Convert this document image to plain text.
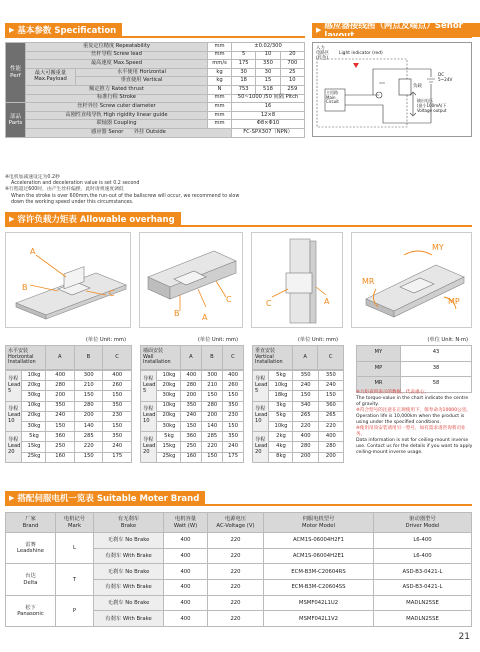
▶ 基本参数 Specification	▶ 感应器接线图（两点及端点）Senor
▶ 容许负载力矩表 Allowable overhang
▶ 搭配伺服电机一览表 Suitable Moter Brand
性能
Perf	重复定位精度 Repeatability		mm	±0.02/300		
	丝杆导程 Screw lead		mm	5	10	20
	最高速度 Max.Speed		mm/s	175	350	700
	最大可搬重量
Max.Payload	水平使用 Horizontal	kg	30	30	25
		垂直使用 Vertical	kg	18	15	10
	额定推力 Rated thrust		N	753	518	259
	标准行程 Stroke		mm	50~1000 /50 间隔 Pitch		
部品
Parts	丝杆外径 Screw cuter diameter		mm	16		
	高刚性直线导轨 High rigidity linear guide		mm	12×8		
	联轴器 Coupling		mm	Φ8×Φ10		
	感应器 Senor　　外挂 Outside			FC-SPX307（NPN）		
※电机加减速设定为0.2秒
Acceleration and deceleration value is set 0.2 second
※行程超过600时，由产生丝杆偏摆，此时请将速度调低
When the stroke is over 600mm,the run-out of the ballscrew will occur, we recommend to slow
down the working speed under this circumstances.
入力
电路区
(红色)
Light indicator (red)
主回路
Main
Circuit
负载
DC
5~24V
输出电压
(最小100mA)下
Voltage output
A
B
C
B	A
C	C	A
MY
MR
MP
(单位 Unit: mm)
水平安装
Horizontal
Installation	A	B	C
导程
Lead
5	10kg	400	300	400
	20kg	280	210	260
	30kg	200	150	150
导程
Lead
10	10kg	350	280	350
	20kg	240	200	230
	30kg	150	140	150
导程
Lead
20	5kg	360	285	350
	15kg	250	220	240
	25kg	160	150	175
(单位 Unit: mm)
墙面安装
Wall
Installation	A	B	C
导程
Lead
5	10kg	400	300	400
	20kg	280	210	260
	30kg	200	150	150
导程
Lead
10	10kg	350	280	350
	20kg	240	200	230
	30kg	150	140	150
导程
Lead
20	5kg	360	285	350
	15kg	250	220	240
	25kg	160	150	175
(单位 Unit: mm)
垂直安装
Vertical
Installation	A	C
导程
Lead
5	5kg	350	350
	10kg	240	240
	18kg	150	150
导程
Lead
10	3kg	340	360
	5kg	265	265
	10kg	220	220
导程
Lead
20	2kg	400	400
	4kg	280	280
	8kg	200	200
(单位 Unit: N·m)
MY	43
MP	38
MR	58
※力矩表所表示的数据，代表重心；
The torque-value in the chart indicate the centre of gravity.
※符合型号的注意在正规使用下，保寿命为10000公里。
Operation life is 10,000km when the product is using under the specified conditions.
※使用吊顶安装请用另一型号，如有需求请咨询我司业务。
Data information is not for ceiling-mount inverse use. Contact us for the details if you want to apply ceiling-mount inverse usage.
厂家
Brand	电机记号
Mark	有无刹车
Brake	电机容量
Watt (W)	电源电压
AC-Voltage (V)	伺服电机型号
Motor Model	驱动器型号
Driver Model
雷赛
Leadshine	L	无刹车 No Brake	400	220	ACM1S-06004H2F1	L6-400
		有刹车 With Brake	400	220	ACM1S-06004H2E1	L6-400
台达
Delta	T	无刹车 No Brake	400	220	ECM-B3M-C20604RS	ASD-B3-0421-L
		有刹车 With Brake	400	220	ECM-B3M-C20604SS	ASD-B3-0421-L
松下
Panasonic	P	无刹车 No Brake	400	220	MSMF042L1U2	MADLN25SE
		有刹车 With Brake	400	220	MSMF042L1V2	MADLN25SE
21
